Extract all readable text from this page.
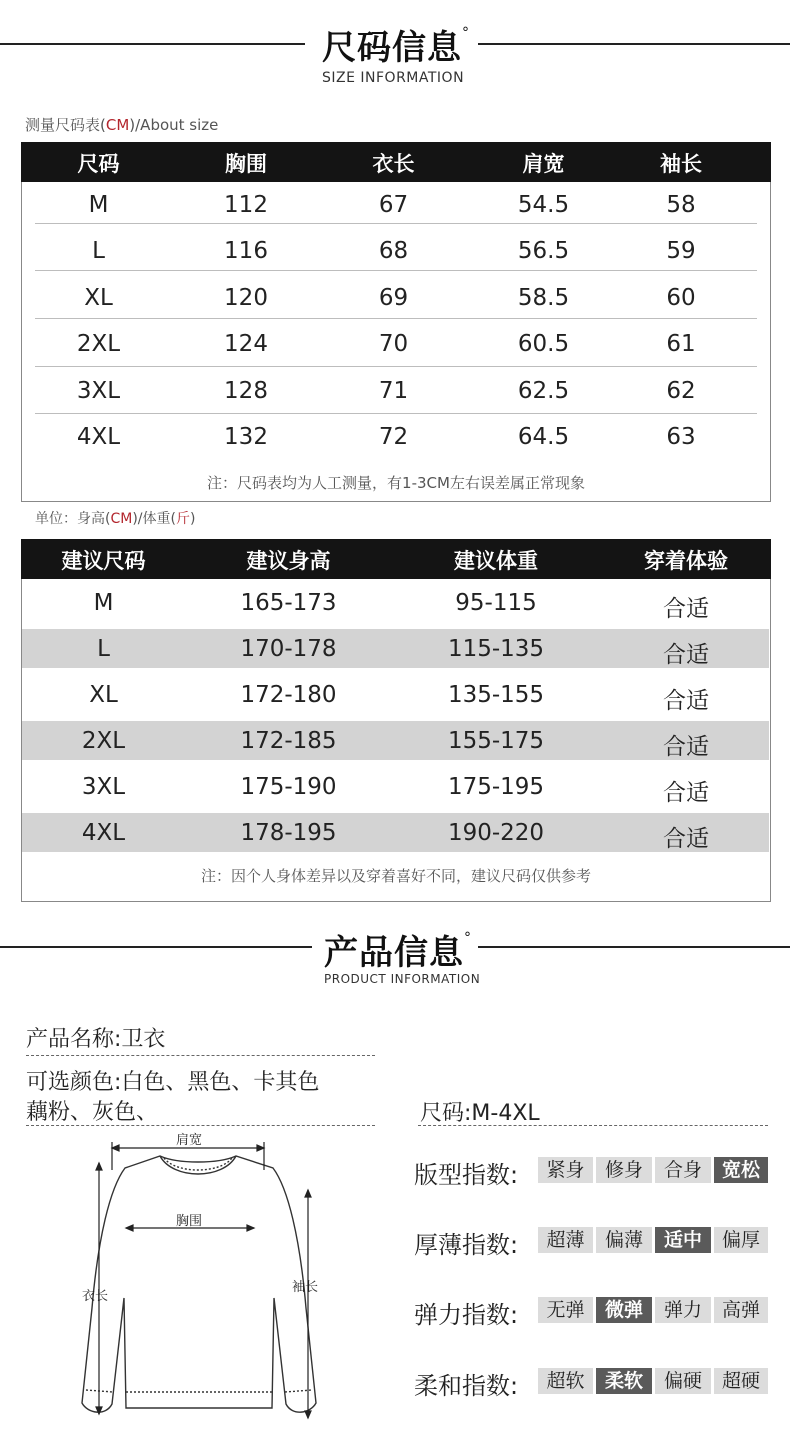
尺码信息°
SIZE INFORMATION
测量尺码表(CM)/About size
尺码	胸围	衣长	肩宽	袖长
M	112	67	54.5	58
L	116	68	56.5	59
XL	120	69	58.5	60
2XL	124	70	60.5	61
3XL	128	71	62.5	62
4XL	132	72	64.5	63
注：尺码表均为人工测量，有1-3CM左右误差属正常现象
单位：身高(CM)/体重(斤)
建议尺码	建议身高	建议体重	穿着体验
M	165-173	95-115	合适
L	170-178	115-135	合适
XL	172-180	135-155	合适
2XL	172-185	155-175	合适
3XL	175-190	175-195	合适
4XL	178-195	190-220	合适
注：因个人身体差异以及穿着喜好不同，建议尺码仅供参考
产品信息°
PRODUCT INFORMATION
产品名称:卫衣
可选颜色:白色、黑色、卡其色
藕粉、灰色、	尺码:M-4XL
肩宽
胸围
衣长
袖长
版型指数:	紧身	修身	合身	宽松
厚薄指数:	超薄	偏薄	适中	偏厚
弹力指数:	无弹	微弹	弹力	高弹
柔和指数:	超软	柔软	偏硬	超硬
